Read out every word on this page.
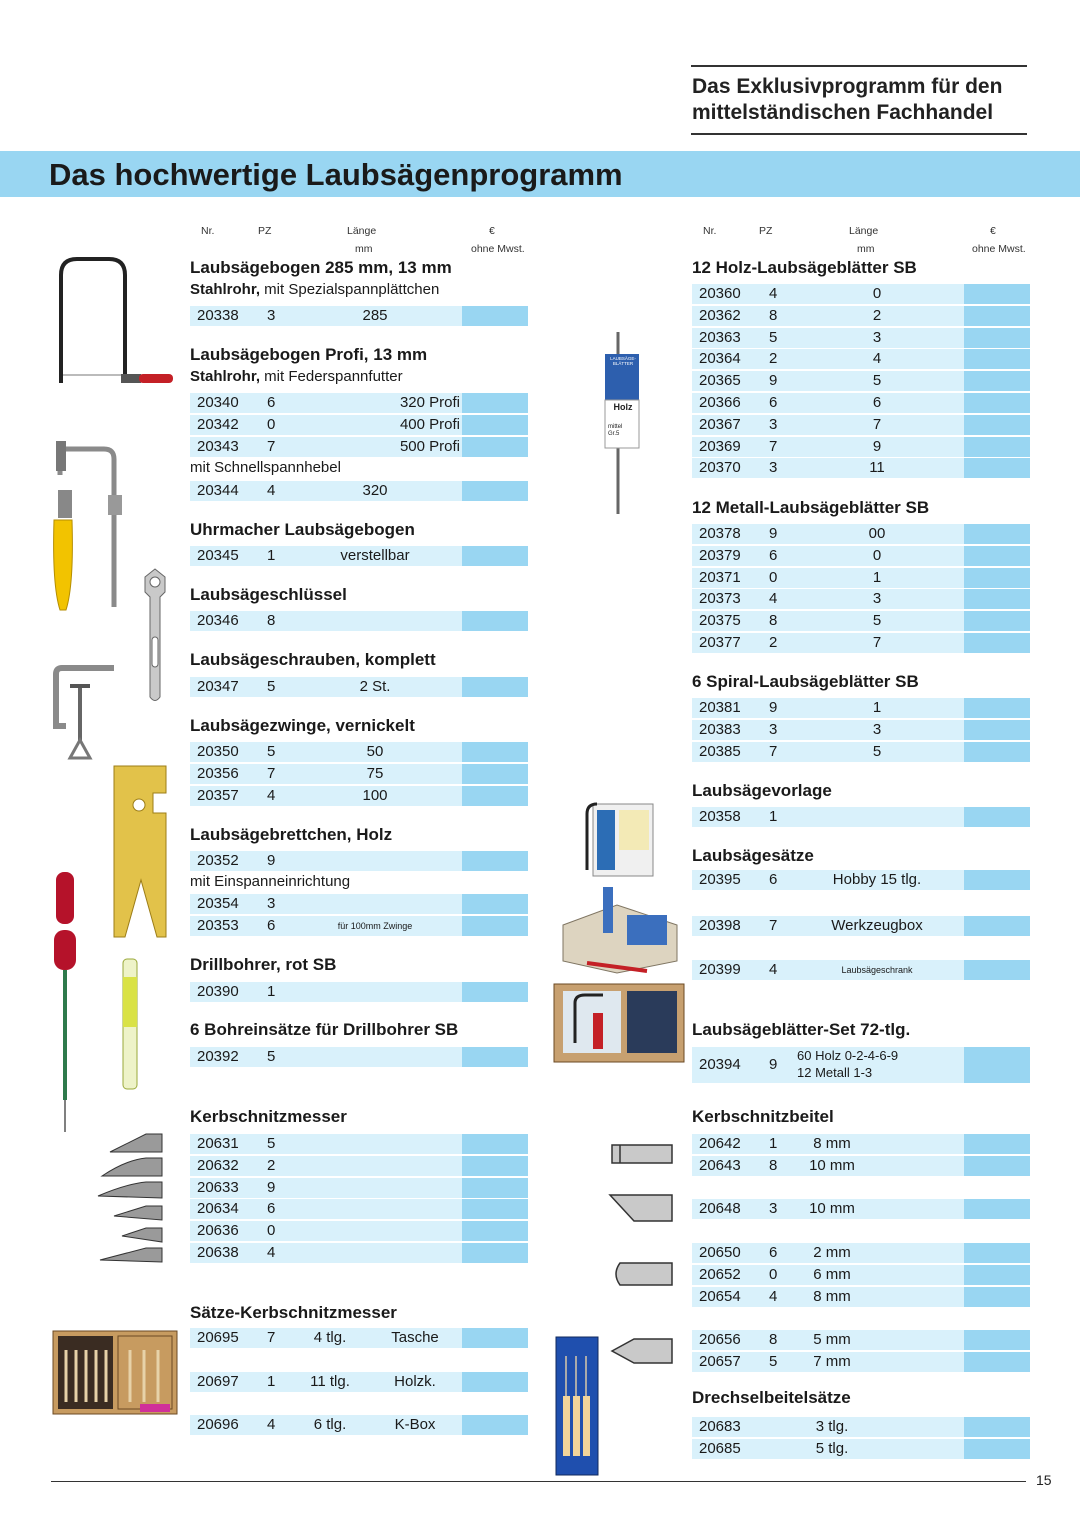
Das Exklusivprogramm für den
mittelständischen Fachhandel
Das hochwertige Laubsägenprogramm
Nr.	PZ	Länge
mm
€
ohne Mwst.
Nr.	PZ	Länge
mm
€
ohne Mwst.
Laubsägebogen 285 mm, 13 mm
Stahlrohr, mit Spezialspannplättchen
20338 3	285
Laubsägebogen Profi, 13 mm
Stahlrohr, mit Federspannfutter
20340 6	320 Profi
20342 0	400 Profi
20343 7	500 Profi
mit Schnellspannhebel
20344 4	320
Uhrmacher Laubsägebogen
20345 1	verstellbar
Laubsägeschlüssel
20346 8
Laubsägeschrauben, komplett
20347 5	2 St.
Laubsägezwinge, vernickelt
20350 5	50
20356 7	75
20357 4	100
Laubsägebrettchen, Holz
20352 9
mit Einspanneinrichtung
20354 3
20353 6	für 100mm Zwinge
Drillbohrer, rot SB
20390 1
6 Bohreinsätze für Drillbohrer SB
20392 5
Kerbschnitzmesser
20631 5
20632 2
20633 9
20634 6
20636 0
20638 4
Sätze-Kerbschnitzmesser
20695 7	4 tlg.	Tasche
20697 1	11 tlg.	Holzk.
20696 4	6 tlg.	K-Box
12 Holz-Laubsägeblätter SB
20360 4	0
20362 8	2
20363 5	3
20364 2	4
20365 9	5
20366 6	6
20367 3	7
20369 7	9
20370 3	11
12 Metall-Laubsägeblätter SB
20378 9	00
20379 6	0
20371 0	1
20373 4	3
20375 8	5
20377 2	7
6 Spiral-Laubsägeblätter SB
20381 9	1
20383 3	3
20385 7	5
Laubsägevorlage
20358 1
Laubsägesätze
20395 6	Hobby 15 tlg.
20398 7	Werkzeugbox
20399 4	Laubsägeschrank
Laubsägeblätter-Set 72-tlg.
20394 9
60 Holz 0-2-4-6-9
12 Metall 1-3
Kerbschnitzbeitel
20642 1	8 mm
20643 8	10 mm
20648 3	10 mm
20650 6	2 mm
20652 0	6 mm
20654 4	8 mm
20656 8	5 mm
20657 5	7 mm
Drechselbeitelsätze
20683	3 tlg.
20685	5 tlg.
LAUBSÄGE-BLÄTTER
Holz
mittel Gr.5
15
